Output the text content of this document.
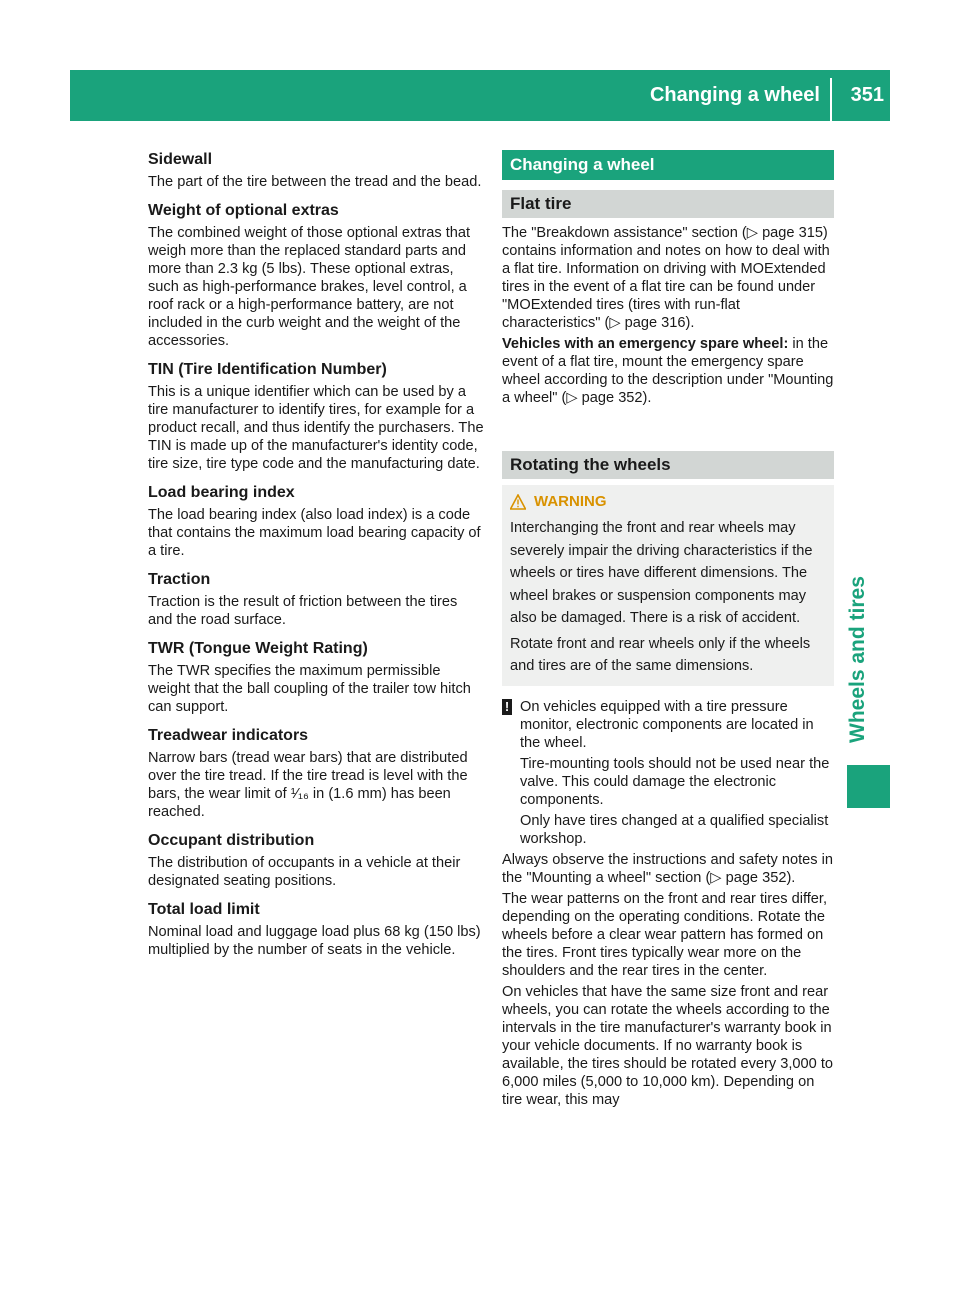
Changing a wheel 351
Wheels and tires
Sidewall

The part of the tire between the tread and the bead.

Weight of optional extras

The combined weight of those optional extras that weigh more than the replaced standard parts and more than 2.3 kg (5 lbs). These optional extras, such as high-performance brakes, level control, a roof rack or a high-performance battery, are not included in the curb weight and the weight of the accessories.

TIN (Tire Identification Number)

This is a unique identifier which can be used by a tire manufacturer to identify tires, for example for a product recall, and thus identify the purchasers. The TIN is made up of the manufacturer's identity code, tire size, tire type code and the manufacturing date.

Load bearing index

The load bearing index (also load index) is a code that contains the maximum load bearing capacity of a tire.

Traction

Traction is the result of friction between the tires and the road surface.

TWR (Tongue Weight Rating)

The TWR specifies the maximum permissible weight that the ball coupling of the trailer tow hitch can support.

Treadwear indicators

Narrow bars (tread wear bars) that are distributed over the tire tread. If the tire tread is level with the bars, the wear limit of ¹⁄₁₆ in (1.6 mm) has been reached.

Occupant distribution

The distribution of occupants in a vehicle at their designated seating positions.

Total load limit

Nominal load and luggage load plus 68 kg (150 lbs) multiplied by the number of seats in the vehicle.

Changing a wheel
Flat tire

The "Breakdown assistance" section (▷ page 315) contains information and notes on how to deal with a flat tire. Information on driving with MOExtended tires in the event of a flat tire can be found under "MOExtended tires (tires with run-flat characteristics" (▷ page 316).

Vehicles with an emergency spare wheel: in the event of a flat tire, mount the emergency spare wheel according to the description under "Mounting a wheel" (▷ page 352).

Rotating the wheels
WARNING

Interchanging the front and rear wheels may severely impair the driving characteristics if the wheels or tires have different dimensions. The wheel brakes or suspension components may also be damaged. There is a risk of accident.

Rotate front and rear wheels only if the wheels and tires are of the same dimensions.

! On vehicles equipped with a tire pressure monitor, electronic components are located in the wheel.

Tire-mounting tools should not be used near the valve. This could damage the electronic components.

Only have tires changed at a qualified specialist workshop.

Always observe the instructions and safety notes in the "Mounting a wheel" section (▷ page 352).

The wear patterns on the front and rear tires differ, depending on the operating conditions. Rotate the wheels before a clear wear pattern has formed on the tires. Front tires typically wear more on the shoulders and the rear tires in the center.

On vehicles that have the same size front and rear wheels, you can rotate the wheels according to the intervals in the tire manufacturer's warranty book in your vehicle documents. If no warranty book is available, the tires should be rotated every 3,000 to 6,000 miles (5,000 to 10,000 km). Depending on tire wear, this may
